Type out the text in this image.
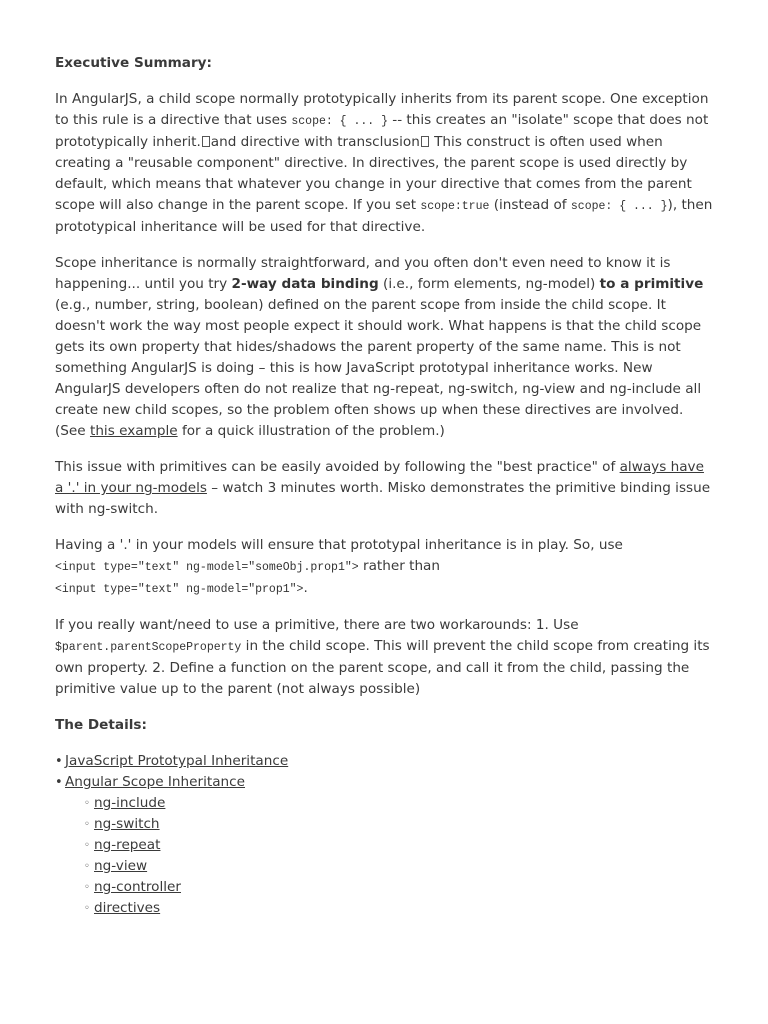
Executive Summary:

In AngularJS, a child scope normally prototypically inherits from its parent scope. One exception to this rule is a directive that uses scope: { ... } -- this creates an "isolate" scope that does not prototypically inherit. and directive with transclusion This construct is often used when creating a "reusable component" directive. In directives, the parent scope is used directly by default, which means that whatever you change in your directive that comes from the parent scope will also change in the parent scope. If you set scope:true (instead of scope: { ... }), then prototypical inheritance will be used for that directive.

Scope inheritance is normally straightforward, and you often don't even need to know it is happening... until you try 2-way data binding (i.e., form elements, ng-model) to a primitive (e.g., number, string, boolean) defined on the parent scope from inside the child scope. It doesn't work the way most people expect it should work. What happens is that the child scope gets its own property that hides/shadows the parent property of the same name. This is not something AngularJS is doing – this is how JavaScript prototypal inheritance works. New AngularJS developers often do not realize that ng-repeat, ng-switch, ng-view and ng-include all create new child scopes, so the problem often shows up when these directives are involved. (See this example for a quick illustration of the problem.)

This issue with primitives can be easily avoided by following the "best practice" of always have a '.' in your ng-models – watch 3 minutes worth. Misko demonstrates the primitive binding issue with ng-switch.

Having a '.' in your models will ensure that prototypal inheritance is in play. So, use
<input type="text" ng-model="someObj.prop1"> rather than
<input type="text" ng-model="prop1">.

If you really want/need to use a primitive, there are two workarounds: 1. Use $parent.parentScopeProperty in the child scope. This will prevent the child scope from creating its own property. 2. Define a function on the parent scope, and call it from the child, passing the primitive value up to the parent (not always possible)

The Details:

• JavaScript Prototypal Inheritance
• Angular Scope Inheritance
◦ ng-include
◦ ng-switch
◦ ng-repeat
◦ ng-view
◦ ng-controller
◦ directives
